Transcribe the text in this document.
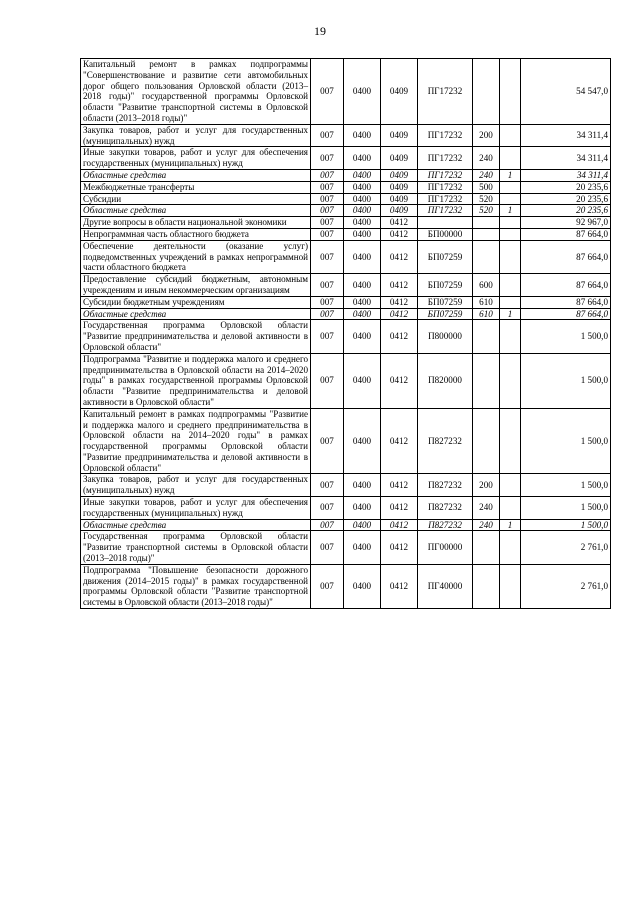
19
Капитальный ремонт в рамках подпрограммы "Совершенствование и развитие сети автомобильных дорог общего пользования Орловской области (2013–2018 годы)" государственной программы Орловской области "Развитие транспортной системы в Орловской области (2013–2018 годы)"	007	0400	0409	ПГ17232			54 547,0
Закупка товаров, работ и услуг для государственных (муниципальных) нужд	007	0400	0409	ПГ17232	200		34 311,4
Иные закупки товаров, работ и услуг для обеспечения государственных (муниципальных) нужд	007	0400	0409	ПГ17232	240		34 311,4
Областные средства	007	0400	0409	ПГ17232	240	1	34 311,4
Межбюджетные трансферты	007	0400	0409	ПГ17232	500		20 235,6
Субсидии	007	0400	0409	ПГ17232	520		20 235,6
Областные средства	007	0400	0409	ПГ17232	520	1	20 235,6
Другие вопросы в области национальной экономики	007	0400	0412				92 967,0
Непрограммная часть областного бюджета	007	0400	0412	БП00000			87 664,0
Обеспечение деятельности (оказание услуг) подведомственных учреждений в рамках непрограммной части областного бюджета	007	0400	0412	БП07259			87 664,0
Предоставление субсидий бюджетным, автономным учреждениям и иным некоммерческим организациям	007	0400	0412	БП07259	600		87 664,0
Субсидии бюджетным учреждениям	007	0400	0412	БП07259	610		87 664,0
Областные средства	007	0400	0412	БП07259	610	1	87 664,0
Государственная программа Орловской области "Развитие предпринимательства и деловой активности в Орловской области"	007	0400	0412	П800000			1 500,0
Подпрограмма "Развитие и поддержка малого и среднего предпринимательства в Орловской области на 2014–2020 годы" в рамках государственной программы Орловской области "Развитие предпринимательства и деловой активности в Орловской области"	007	0400	0412	П820000			1 500,0
Капитальный ремонт в рамках подпрограммы "Развитие и поддержка малого и среднего предпринимательства в Орловской области на 2014–2020 годы" в рамках государственной программы Орловской области "Развитие предпринимательства и деловой активности в Орловской области"	007	0400	0412	П827232			1 500,0
Закупка товаров, работ и услуг для государственных (муниципальных) нужд	007	0400	0412	П827232	200		1 500,0
Иные закупки товаров, работ и услуг для обеспечения государственных (муниципальных) нужд	007	0400	0412	П827232	240		1 500,0
Областные средства	007	0400	0412	П827232	240	1	1 500,0
Государственная программа Орловской области "Развитие транспортной системы в Орловской области (2013–2018 годы)"	007	0400	0412	ПГ00000			2 761,0
Подпрограмма "Повышение безопасности дорожного движения (2014–2015 годы)" в рамках государственной программы Орловской области "Развитие транспортной системы в Орловской области (2013–2018 годы)"	007	0400	0412	ПГ40000			2 761,0
